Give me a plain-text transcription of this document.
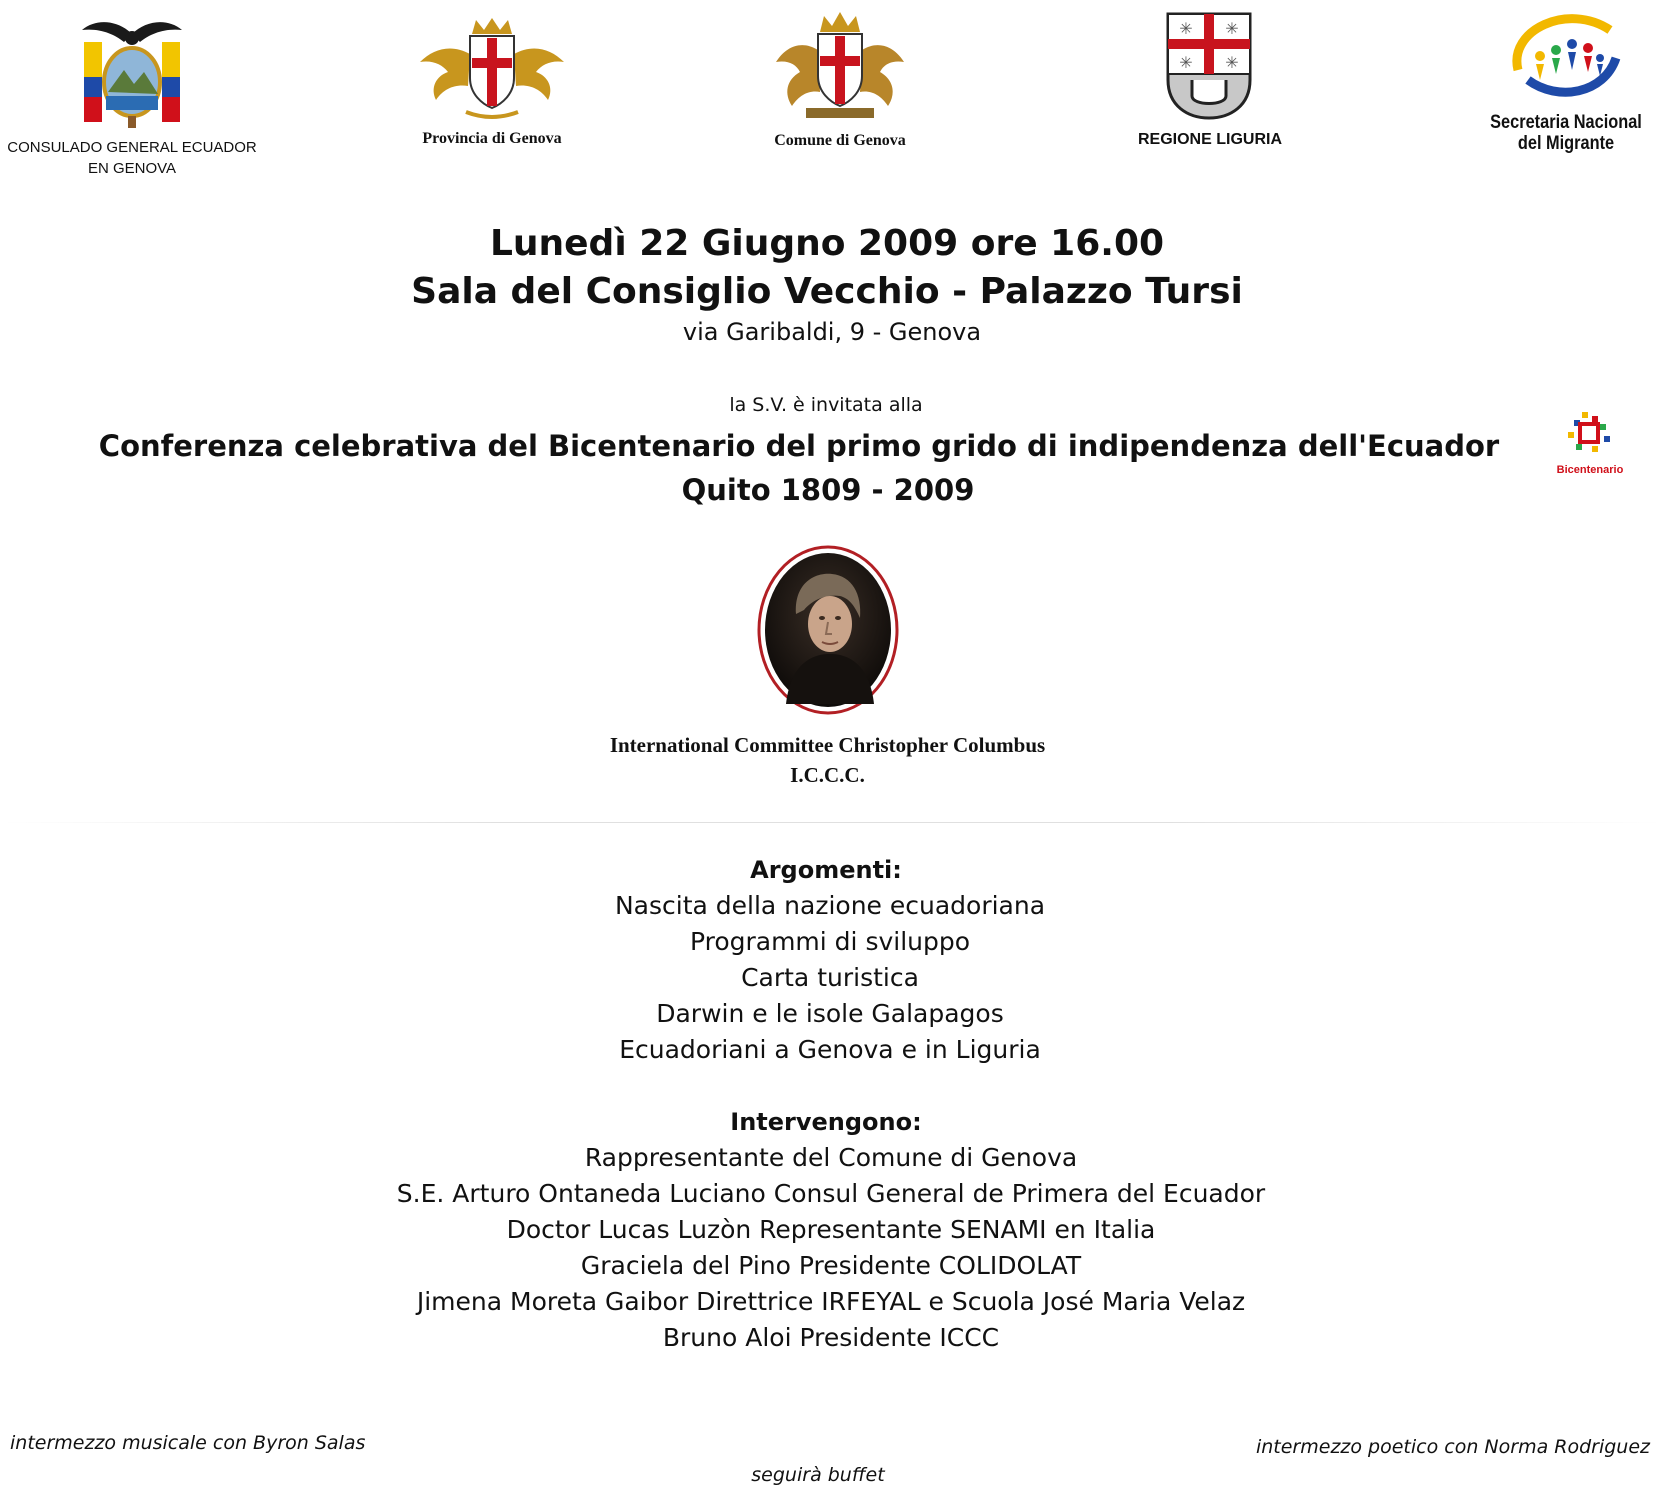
CONSULADO GENERAL ECUADOR
EN GENOVA
Provincia di Genova	Comune di Genova
✳ ✳
✳ ✳
REGIONE LIGURIA
Secretaria Nacional
del Migrante
Lunedì 22 Giugno 2009 ore 16.00
Sala del Consiglio Vecchio - Palazzo Tursi
via Garibaldi, 9 - Genova
la S.V. è invitata alla
Conferenza celebrativa del Bicentenario del primo grido di indipendenza dell'Ecuador
Quito 1809 - 2009
Bicentenario
International Committee Christopher Columbus
I.C.C.C.
Argomenti:
Nascita della nazione ecuadoriana
Programmi di sviluppo
Carta turistica
Darwin e le isole Galapagos
Ecuadoriani a Genova e in Liguria
Intervengono:
Rappresentante del Comune di Genova
S.E. Arturo Ontaneda Luciano Consul General de Primera del Ecuador
Doctor Lucas Luzòn Representante SENAMI en Italia
Graciela del Pino Presidente COLIDOLAT
Jimena Moreta Gaibor Direttrice IRFEYAL e Scuola José Maria Velaz
Bruno Aloi Presidente ICCC
intermezzo musicale con Byron Salas
seguirà buffet
intermezzo poetico con Norma Rodriguez
